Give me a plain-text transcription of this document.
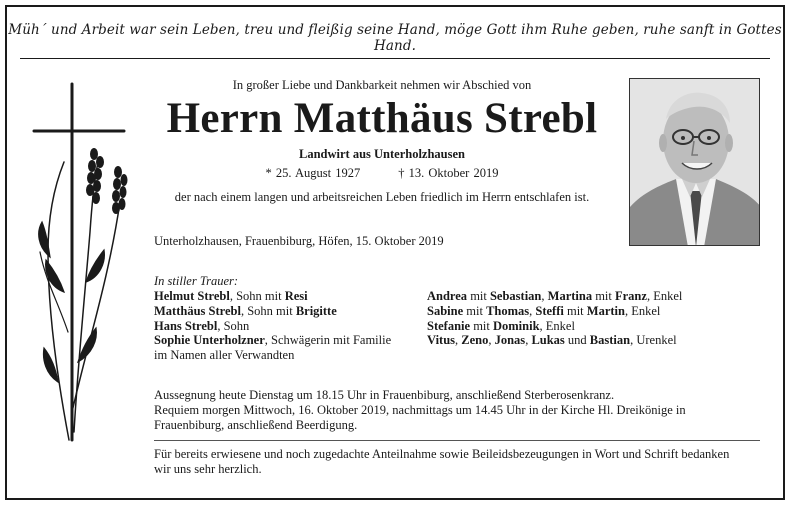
Müh´ und Arbeit war sein Leben, treu und fleißig seine Hand, möge Gott ihm Ruhe geben, ruhe sanft in Gottes Hand.
In großer Liebe und Dankbarkeit nehmen wir Abschied von
Herrn Matthäus Strebl
Landwirt aus Unterholzhausen
* 25. August 1927	† 13. Oktober 2019
der nach einem langen und arbeitsreichen Leben friedlich im Herrn entschlafen ist.
Unterholzhausen, Frauenbiburg, Höfen, 15. Oktober 2019
In stiller Trauer:
Helmut Strebl, Sohn mit Resi
Matthäus Strebl, Sohn mit Brigitte
Hans Strebl, Sohn
Sophie Unterholzner, Schwägerin mit Familie
im Namen aller Verwandten
Andrea mit Sebastian, Martina mit Franz, Enkel
Sabine mit Thomas, Steffi mit Martin, Enkel
Stefanie mit Dominik, Enkel
Vitus, Zeno, Jonas, Lukas und Bastian, Urenkel
Aussegnung heute Dienstag um 18.15 Uhr in Frauenbiburg, anschließend Sterberosenkranz.
Requiem morgen Mittwoch, 16. Oktober 2019, nachmittags um 14.45 Uhr in der Kirche Hl. Dreikönige in
Frauenbiburg, anschließend Beerdigung.
Für bereits erwiesene und noch zugedachte Anteilnahme sowie Beileidsbezeugungen in Wort und Schrift bedanken
wir uns sehr herzlich.
